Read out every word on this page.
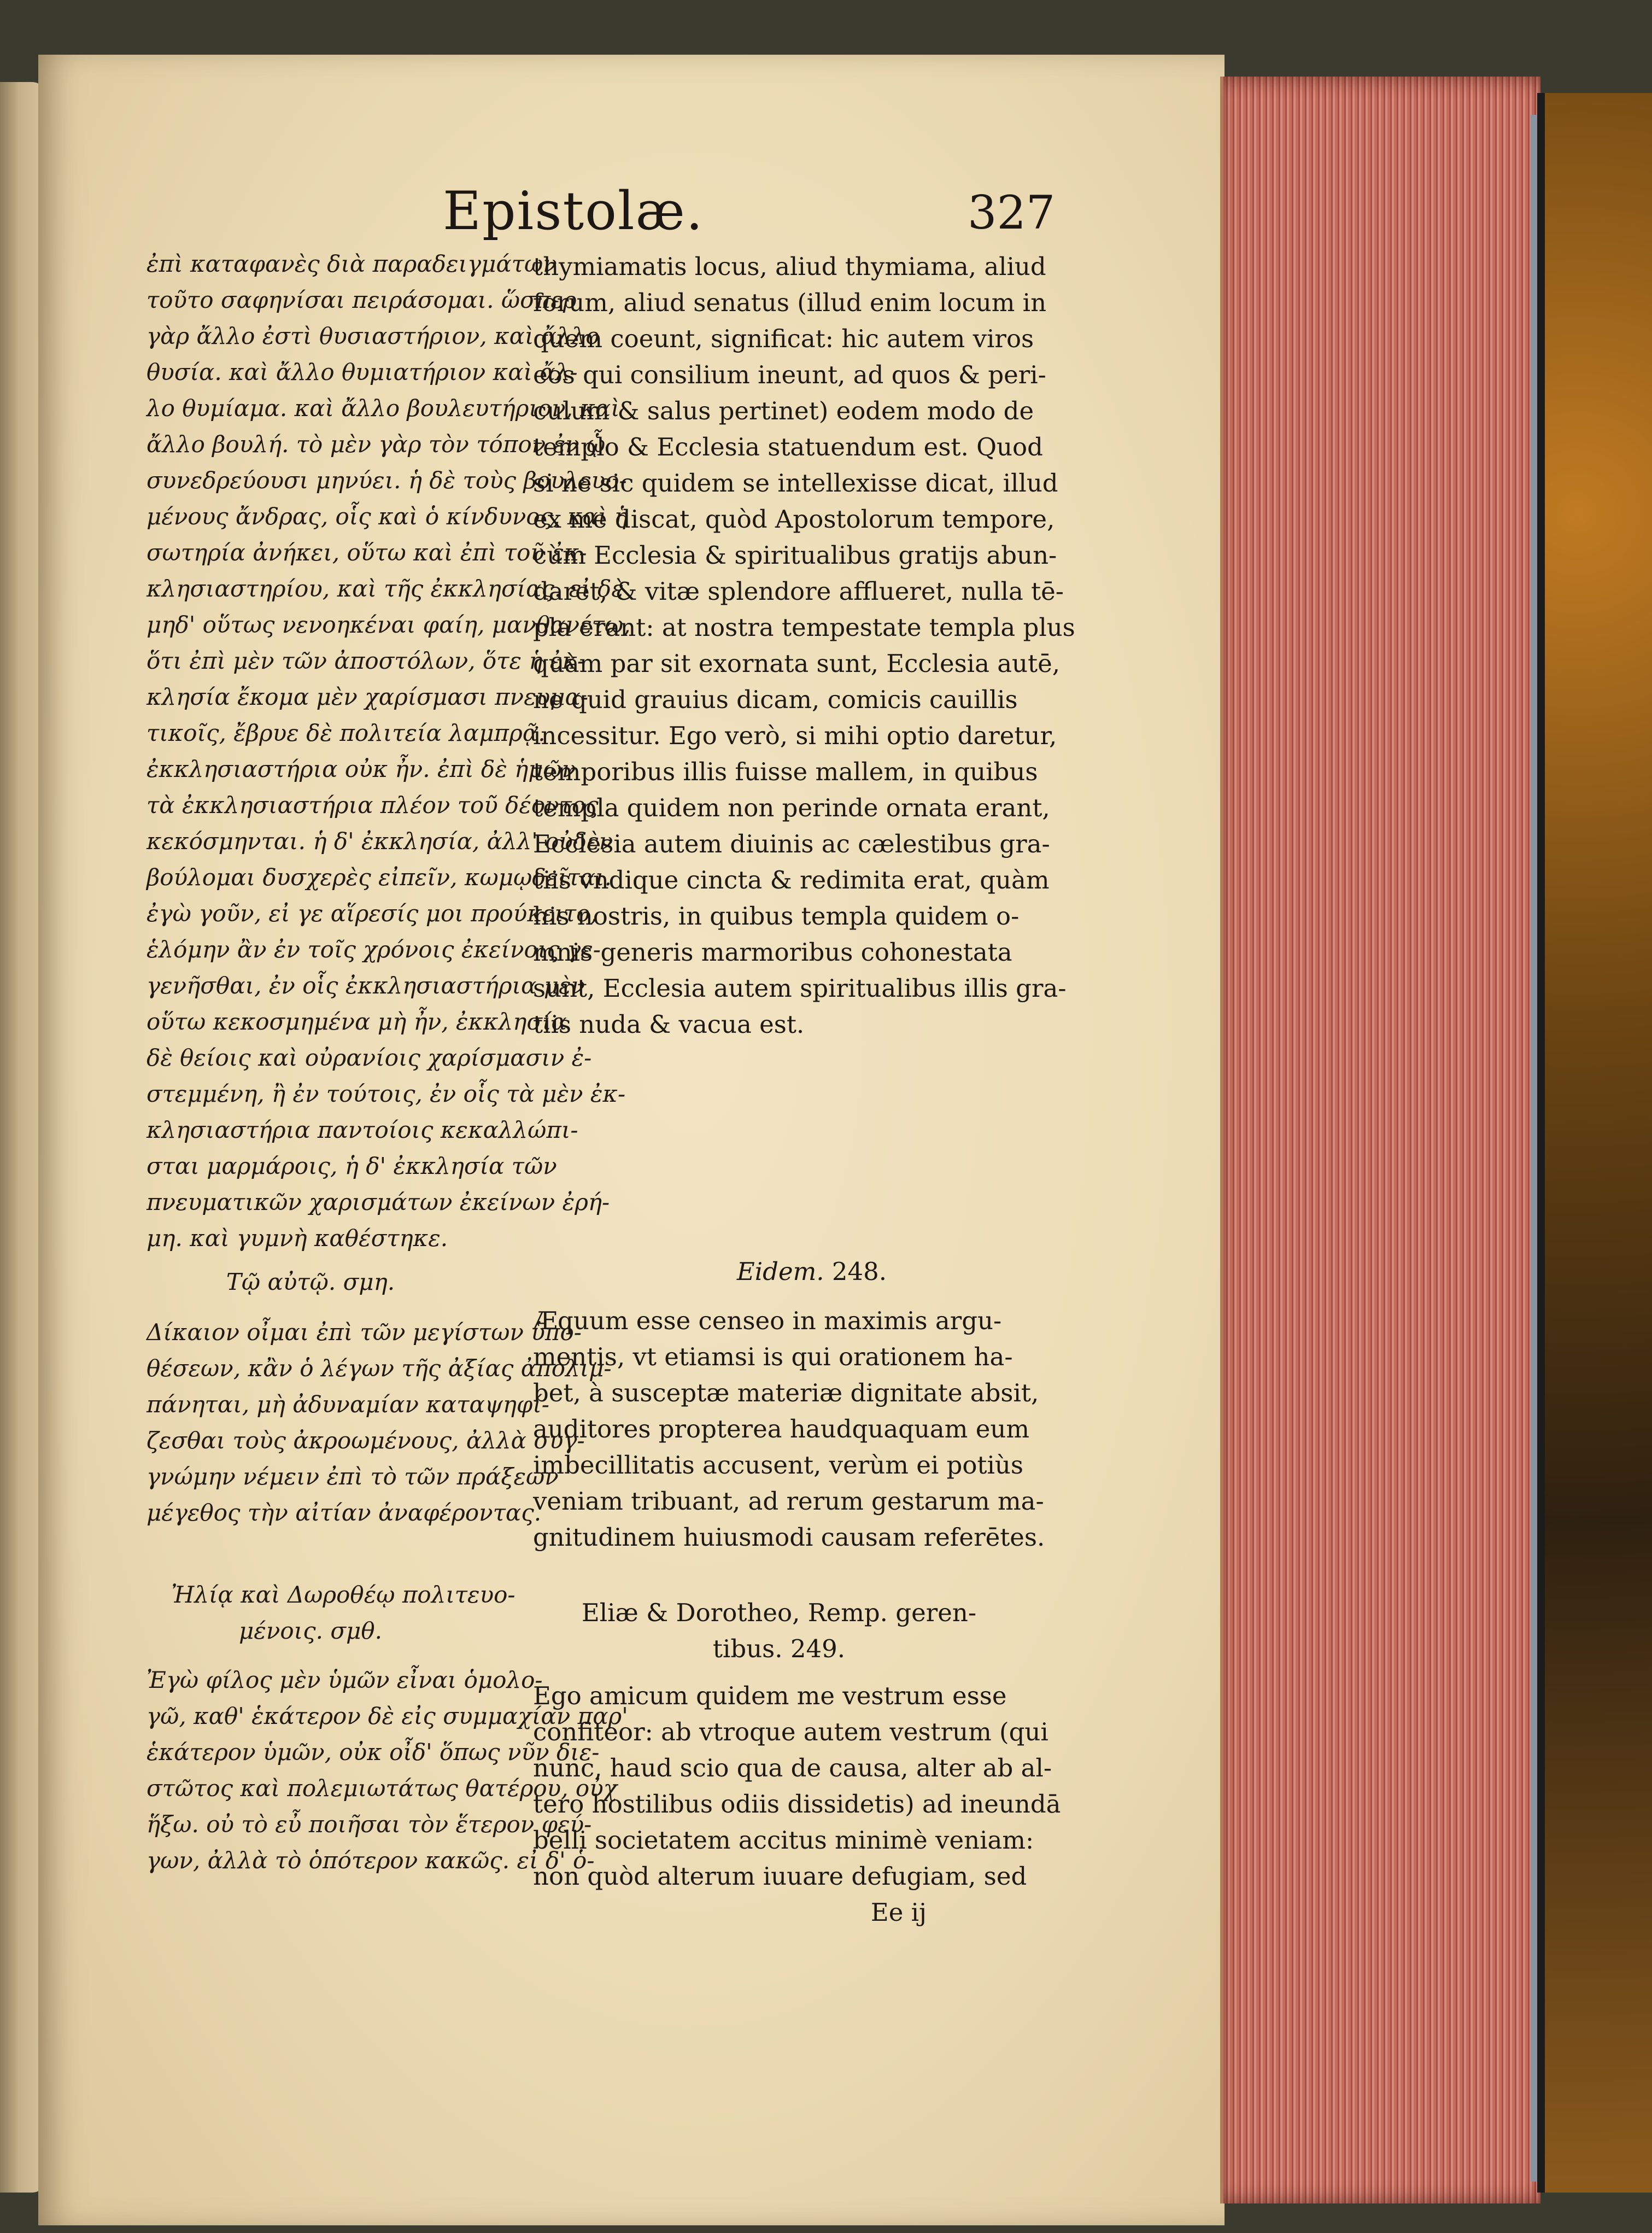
Epistolæ.	327
ἐπὶ καταφανὲς διὰ παραδειγμάτων
τοῦτο σαφηνίσαι πειράσομαι. ὥσπερ
γὰρ ἄλλο ἐστὶ θυσιαστήριον, καὶ ἄλλο
θυσία. καὶ ἄλλο θυμιατήριον καὶ ἄλ-
λο θυμίαμα. καὶ ἄλλο βουλευτήριον, καὶ
ἄλλο βουλή. τὸ μὲν γὰρ τὸν τόπον ἐν ᾧ
συνεδρεύουσι μηνύει. ἡ δὲ τοὺς βουλευο-
μένους ἄνδρας, οἷς καὶ ὁ κίνδυνος, καὶ ἡ
σωτηρία ἀνήκει, οὕτω καὶ ἐπὶ τοῦ ἐκ-
κλησιαστηρίου, καὶ τῆς ἐκκλησίας. εἰ δὲ
μηδ' οὕτως νενοηκέναι φαίη, μανθανέτω,
ὅτι ἐπὶ μὲν τῶν ἀποστόλων, ὅτε ἡ ἐκ-
κλησία ἔκομα μὲν χαρίσμασι πνευμα-
τικοῖς, ἔβρυε δὲ πολιτεία λαμπρᾷ.
ἐκκλησιαστήρια οὐκ ἦν. ἐπὶ δὲ ἡμῶν
τὰ ἐκκλησιαστήρια πλέον τοῦ δέοντος
κεκόσμηνται. ἡ δ' ἐκκλησία, ἀλλ' οὐδὲν
βούλομαι δυσχερὲς εἰπεῖν, κωμῳδεῖται.
ἐγὼ γοῦν, εἰ γε αἵρεσίς μοι προύκειτο,
ἑλόμην ἂν ἐν τοῖς χρόνοις ἐκείνοις γε-
γενῆσθαι, ἐν οἷς ἐκκλησιαστήρια μὲν
οὕτω κεκοσμημένα μὴ ἦν, ἐκκλησία
δὲ θείοις καὶ οὐρανίοις χαρίσμασιν ἐ-
στεμμένη, ἢ ἐν τούτοις, ἐν οἷς τὰ μὲν ἐκ-
κλησιαστήρια παντοίοις κεκαλλώπι-
σται μαρμάροις, ἡ δ' ἐκκλησία τῶν
πνευματικῶν χαρισμάτων ἐκείνων ἐρή-
μη. καὶ γυμνὴ καθέστηκε.
Τῷ αὐτῷ. σμη.
Δίκαιον οἶμαι ἐπὶ τῶν μεγίστων ὑπο-
θέσεων, κἂν ὁ λέγων τῆς ἀξίας ἀπολιμ-
πάνηται, μὴ ἀδυναμίαν καταψηφί-
ζεσθαι τοὺς ἀκροωμένους, ἀλλὰ συγ-
γνώμην νέμειν ἐπὶ τὸ τῶν πράξεων
μέγεθος τὴν αἰτίαν ἀναφέροντας.
Ἠλίᾳ καὶ Δωροθέῳ πολιτευο-
μένοις. σμθ.
Ἐγὼ φίλος μὲν ὑμῶν εἶναι ὁμολο-
γῶ, καθ' ἑκάτερον δὲ εἰς συμμαχίαν παρ'
ἑκάτερον ὑμῶν, οὐκ οἶδ' ὅπως νῦν διε-
στῶτος καὶ πολεμιωτάτως θατέρου, οὐχ
ἥξω. οὐ τὸ εὖ ποιῆσαι τὸν ἕτερον φεύ-
γων, ἀλλὰ τὸ ὁπότερον κακῶς. εἰ δ' ὁ-
thymiamatis locus, aliud thymiama, aliud
forum, aliud senatus (illud enim locum in
quem coeunt, significat: hic autem viros
eos qui consilium ineunt, ad quos & peri-
culum & salus pertinet) eodem modo de
templo & Ecclesia statuendum est. Quod
si ne sic quidem se intellexisse dicat, illud
ex me discat, quòd Apostolorum tempore,
cùm Ecclesia & spiritualibus gratijs abun-
daret, & vitæ splendore afflueret, nulla tē-
pla erant: at nostra tempestate templa plus
quàm par sit exornata sunt, Ecclesia autē,
ne quid grauius dicam, comicis cauillis
incessitur. Ego verò, si mihi optio daretur,
temporibus illis fuisse mallem, in quibus
templa quidem non perinde ornata erant,
Ecclesia autem diuinis ac cælestibus gra-
tiis vndique cincta & redimita erat, quàm
his nostris, in quibus templa quidem o-
mnis generis marmoribus cohonestata
sunt, Ecclesia autem spiritualibus illis gra-
tiis nuda & vacua est.
Eidem. 248.
Æquum esse censeo in maximis argu-
mentis, vt etiamsi is qui orationem ha-
bet, à susceptæ materiæ dignitate absit,
auditores propterea haudquaquam eum
imbecillitatis accusent, verùm ei potiùs
veniam tribuant, ad rerum gestarum ma-
gnitudinem huiusmodi causam referētes.
Eliæ & Dorotheo, Remp. geren-
tibus. 249.
Ego amicum quidem me vestrum esse
confiteor: ab vtroque autem vestrum (qui
nunc, haud scio qua de causa, alter ab al-
tero hostilibus odiis dissidetis) ad ineundā
belli societatem accitus minimè veniam:
non quòd alterum iuuare defugiam, sed
Ee ij
